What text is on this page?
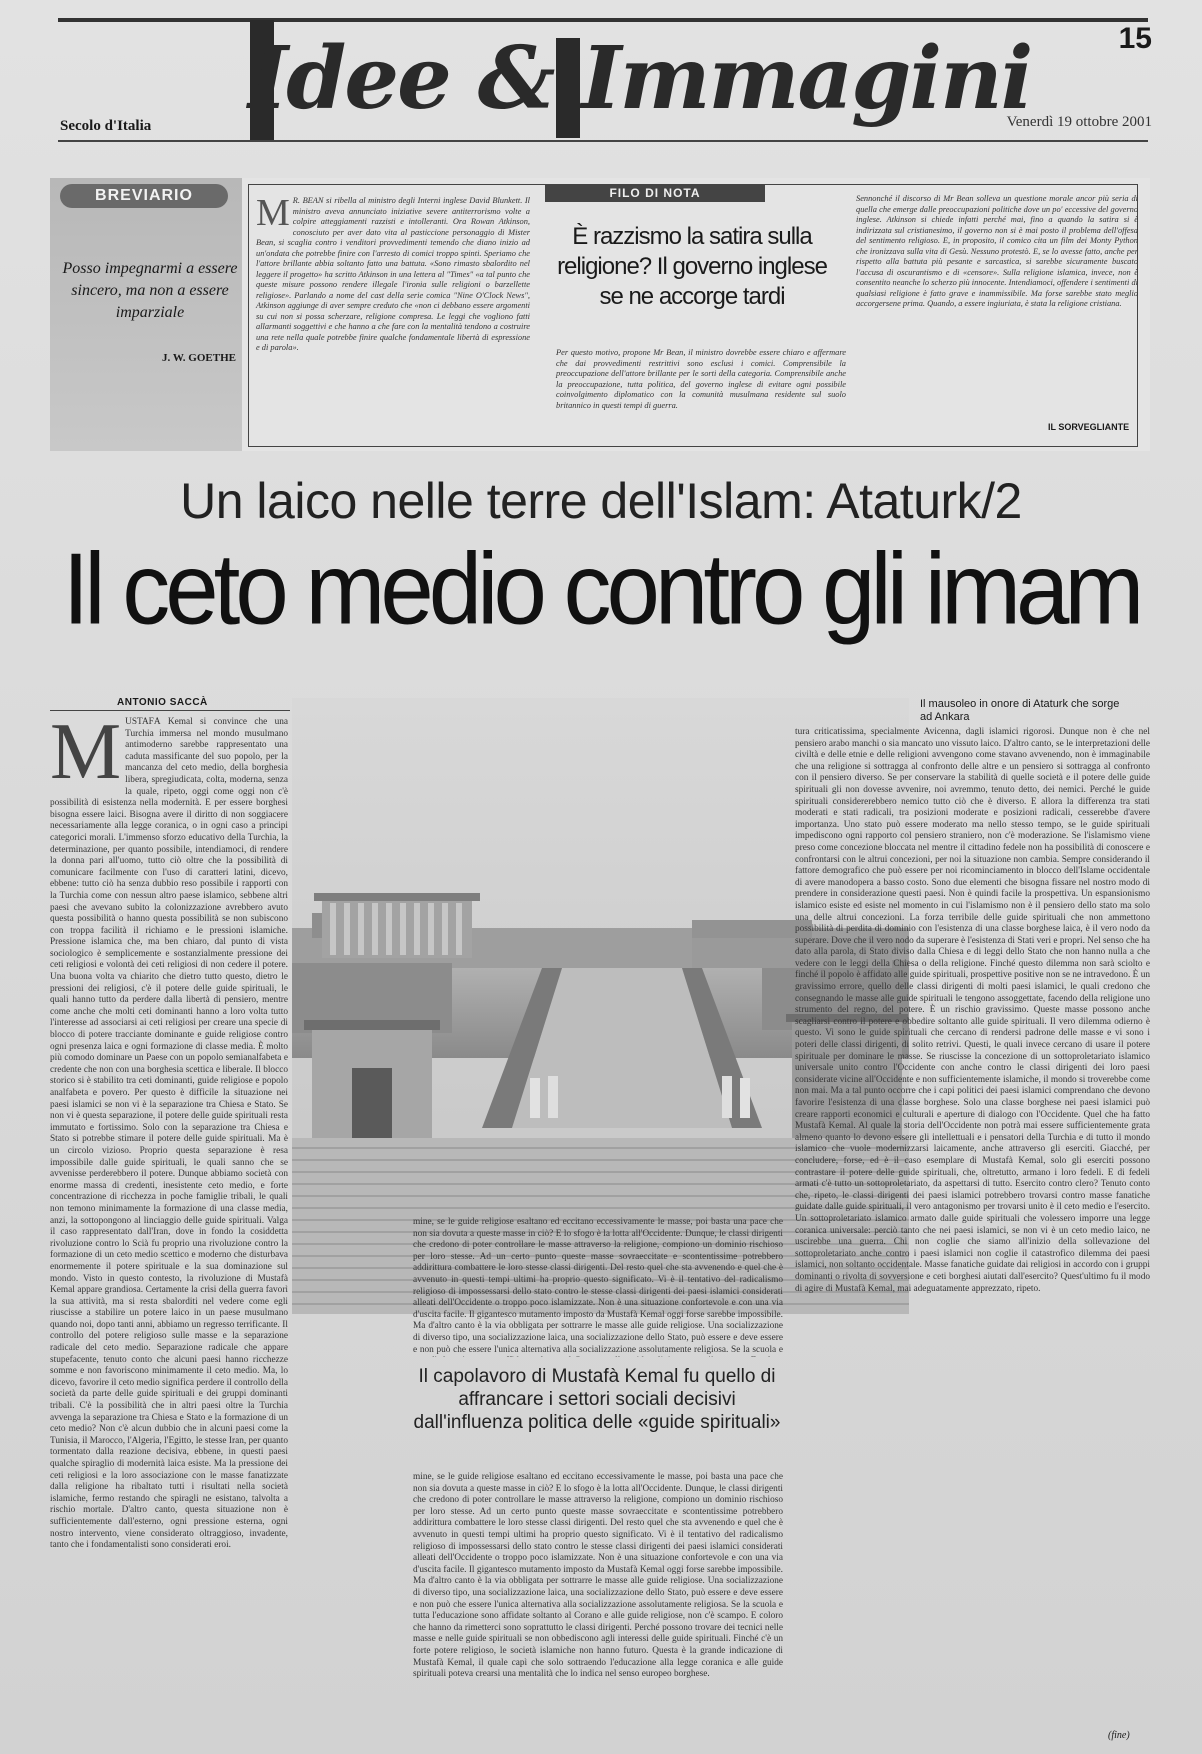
Idee & Immagini	15
Secolo d'Italia	Venerdì 19 ottobre 2001
BREVIARIO
Posso impegnarmi a essere sincero, ma non a essere imparziale
J. W. GOETHE
M R. BEAN si ribella al ministro degli Interni inglese David Blunkett. Il ministro aveva annunciato iniziative severe antiterrorismo volte a colpire atteggiamenti razzisti e intolleranti. Ora Rowan Atkinson, conosciuto per aver dato vita al pasticcione personaggio di Mister Bean, si scaglia contro i venditori provvedimenti temendo che diano inizio ad un'ondata che potrebbe finire con l'arresto di comici troppo spinti. Speriamo che l'attore brillante abbia soltanto fatto una battuta. «Sono rimasto sbalordito nel leggere il progetto» ha scritto Atkinson in una lettera al "Times" «a tal punto che queste misure possono rendere illegale l'ironia sulle religioni o barzellette religiose». Parlando a nome del cast della serie comica "Nine O'Clock News", Atkinson aggiunge di aver sempre creduto che «non ci debbano essere argomenti su cui non si possa scherzare, religione compresa. Le leggi che vogliono fatti allarmanti soggettivi e che hanno a che fare con la mentalità tendono a costruire una rete nella quale potrebbe finire qualche fondamentale libertà di espressione e di parola».
FILO DI NOTA
È razzismo la satira sulla religione? Il governo inglese se ne accorge tardi
Per questo motivo, propone Mr Bean, il ministro dovrebbe essere chiaro e affermare che dai provvedimenti restrittivi sono esclusi i comici. Comprensibile la preoccupazione dell'attore brillante per le sorti della categoria. Comprensibile anche la preoccupazione, tutta politica, del governo inglese di evitare ogni possibile coinvolgimento diplomatico con la comunità musulmana residente sul suolo britannico in questi tempi di guerra.
Sennonché il discorso di Mr Bean solleva un questione morale ancor più seria di quella che emerge dalle preoccupazioni politiche dove un po' eccessive del governo inglese. Atkinson si chiede infatti perché mai, fino a quando la satira si è indirizzata sul cristianesimo, il governo non si è mai posto il problema dell'offesa del sentimento religioso. E, in proposito, il comico cita un film dei Monty Python che ironizzava sulla vita di Gesù. Nessuno protestò. E, se lo avesse fatto, anche per rispetto alla battuta più pesante e sarcastica, si sarebbe sicuramente buscato l'accusa di oscurantismo e di «censore». Sulla religione islamica, invece, non è consentito neanche lo scherzo più innocente. Intendiamoci, offendere i sentimenti di qualsiasi religione è fatto grave e inammissibile. Ma forse sarebbe stato meglio accorgersene prima. Quando, a essere ingiuriata, è stata la religione cristiana.
IL SORVEGLIANTE
Un laico nelle terre dell'Islam: Ataturk/2
Il ceto medio contro gli imam
ANTONIO SACCÀ	Il mausoleo in onore di Ataturk che sorge ad Ankara
MUSTAFÀ Kemal si convince che una Turchia immersa nel mondo musulmano antimoderno sarebbe rappresentato una caduta massificante del suo popolo, per la mancanza del ceto medio, della borghesia libera, spregiudicata, colta, moderna, senza la quale, ripeto, oggi come oggi non c'è possibilità di esistenza nella modernità. E per essere borghesi bisogna essere laici. Bisogna avere il diritto di non soggiacere necessariamente alla legge coranica, o in ogni caso a principi categorici morali. L'immenso sforzo educativo della Turchia, la determinazione, per quanto possibile, intendiamoci, di rendere la donna pari all'uomo, tutto ciò oltre che la possibilità di comunicare facilmente con l'uso di caratteri latini, dicevo, ebbene: tutto ciò ha senza dubbio reso possibile i rapporti con la Turchia come con nessun altro paese islamico, sebbene altri paesi che avevano subito la colonizzazione avrebbero avuto questa possibilità o hanno questa possibilità se non subiscono con troppa facilità il richiamo e le pressioni islamiche. Pressione islamica che, ma ben chiaro, dal punto di vista sociologico è semplicemente e sostanzialmente pressione dei ceti religiosi e volontà dei ceti religiosi di non cedere il potere. Una buona volta va chiarito che dietro tutto questo, dietro le pressioni dei religiosi, c'è il potere delle guide spirituali, le quali hanno tutto da perdere dalla libertà di pensiero, mentre come anche che molti ceti dominanti hanno a loro volta tutto l'interesse ad associarsi ai ceti religiosi per creare una specie di blocco di potere tracciante dominante e guide religiose contro ogni presenza laica e ogni formazione di classe media. È molto più comodo dominare un Paese con un popolo semianalfabeta e credente che non con una borghesia scettica e liberale. Il blocco storico si è stabilito tra ceti dominanti, guide religiose e popolo analfabeta e povero. Per questo è difficile la situazione nei paesi islamici se non vi è la separazione tra Chiesa e Stato. Se non vi è questa separazione, il potere delle guide spirituali resta immutato e fortissimo. Solo con la separazione tra Chiesa e Stato si potrebbe stimare il potere delle guide spirituali. Ma è un circolo vizioso. Proprio questa separazione è resa impossibile dalle guide spirituali, le quali sanno che se avvenisse perderebbero il potere. Dunque abbiamo società con enorme massa di credenti, inesistente ceto medio, e forte concentrazione di ricchezza in poche famiglie tribali, le quali non temono minimamente la formazione di una classe media, anzi, la sottopongono al linciaggio delle guide spirituali. Valga il caso rappresentato dall'Iran, dove in fondo la cosiddetta rivoluzione contro lo Scià fu proprio una rivoluzione contro la formazione di un ceto medio scettico e moderno che disturbava enormemente il potere spirituale e la sua dominazione sul mondo. Visto in questo contesto, la rivoluzione di Mustafà Kemal appare grandiosa. Certamente la crisi della guerra favorì la sua attività, ma si resta sbalorditi nel vedere come egli riuscisse a stabilire un potere laico in un paese musulmano quando noi, dopo tanti anni, abbiamo un regresso terrificante. Il controllo del potere religioso sulle masse e la separazione radicale del ceto medio. Separazione radicale che appare stupefacente, tenuto conto che alcuni paesi hanno ricchezze somme e non favoriscono minimamente il ceto medio. Ma, lo dicevo, favorire il ceto medio significa perdere il controllo della società da parte delle guide spirituali e dei gruppi dominanti tribali. C'è la possibilità che in altri paesi oltre la Turchia avvenga la separazione tra Chiesa e Stato e la formazione di un ceto medio? Non c'è alcun dubbio che in alcuni paesi come la Tunisia, il Marocco, l'Algeria, l'Egitto, le stesse Iran, per quanto tormentato dalla reazione decisiva, ebbene, in questi paesi qualche spiraglio di modernità laica esiste. Ma la pressione dei ceti religiosi e la loro associazione con le masse fanatizzate dalla religione ha ribaltato tutti i risultati nella società islamiche, fermo restando che spiragli ne esistano, talvolta a rischio mortale. D'altro canto, questa situazione non è sufficientemente dall'esterno, ogni pressione esterna, ogni nostro intervento, viene considerato oltraggioso, invadente, tanto che i fondamentalisti sono considerati eroi.
mine, se le guide religiose esaltano ed eccitano eccessivamente le masse, poi basta una pace che non sia dovuta a queste masse in ciò? E lo sfogo è la lotta all'Occidente. Dunque, le classi dirigenti che credono di poter controllare le masse attraverso la religione, compiono un dominio rischioso per loro stesse. Ad un certo punto queste masse sovraeccitate e scontentissime potrebbero addirittura combattere le loro stesse classi dirigenti. Del resto quel che sta avvenendo e quel che è avvenuto in questi tempi ultimi ha proprio questo significato. Vi è il tentativo del radicalismo religioso di impossessarsi dello stato contro le stesse classi dirigenti dei paesi islamici considerati alleati dell'Occidente o troppo poco islamizzate. Non è una situazione confortevole e con una via d'uscita facile. Il gigantesco mutamento imposto da Mustafà Kemal oggi forse sarebbe impossibile. Ma d'altro canto è la via obbligata per sottrarre le masse alle guide religiose. Una socializzazione di diverso tipo, una socializzazione laica, una socializzazione dello Stato, può essere e deve essere e non può che essere l'unica alternativa alla socializzazione assolutamente religiosa. Se la scuola e
Il capolavoro di Mustafà Kemal fu quello di affrancare i settori sociali decisivi dall'influenza politica delle «guide spirituali»
mine, se le guide religiose esaltano ed eccitano eccessivamente le masse, poi basta una pace che non sia dovuta a queste masse in ciò? E lo sfogo è la lotta all'Occidente. Dunque, le classi dirigenti che credono di poter controllare le masse attraverso la religione, compiono un dominio rischioso per loro stesse. Ad un certo punto queste masse sovraeccitate e scontentissime potrebbero addirittura combattere le loro stesse classi dirigenti. Del resto quel che sta avvenendo e quel che è avvenuto in questi tempi ultimi ha proprio questo significato. Vi è il tentativo del radicalismo religioso di impossessarsi dello stato contro le stesse classi dirigenti dei paesi islamici considerati alleati dell'Occidente o troppo poco islamizzate. Non è una situazione confortevole e con una via d'uscita facile. Il gigantesco mutamento imposto da Mustafà Kemal oggi forse sarebbe impossibile. Ma d'altro canto è la via obbligata per sottrarre le masse alle guide religiose. Una socializzazione di diverso tipo, una socializzazione laica, una socializzazione dello Stato, può essere e deve essere e non può che essere l'unica alternativa alla socializzazione assolutamente religiosa. Se la scuola e tutta l'educazione sono affidate soltanto al Corano e alle guide religiose, non c'è scampo. E coloro che hanno da rimetterci sono soprattutto le classi dirigenti. Perché possono trovare dei tecnici nelle masse e nelle guide spirituali se non obbediscono agli interessi delle guide spirituali. Finché c'è un forte potere religioso, le società islamiche non hanno futuro. Questa è la grande indicazione di Mustafà Kemal, il quale capì che solo sottraendo l'educazione alla legge coranica e alle guide spirituali poteva crearsi una mentalità che lo indica nel senso europeo borghese.
tura criticatissima, specialmente Avicenna, dagli islamici rigorosi. Dunque non è che nel pensiero arabo manchi o sia mancato uno vissuto laico. D'altro canto, se le interpretazioni delle civiltà e delle etnie e delle religioni avvengono come stavano avvenendo, non è immaginabile che una religione si sottragga al confronto delle altre e un pensiero si sottragga al confronto con il pensiero diverso. Se per conservare la stabilità di quelle società e il potere delle guide spirituali gli non dovesse avvenire, noi avremmo, tenuto detto, dei nemici. Perché le guide spirituali considererebbero nemico tutto ciò che è diverso. E allora la differenza tra stati moderati e stati radicali, tra posizioni moderate e posizioni radicali, cesserebbe d'avere importanza. Uno stato può essere moderato ma nello stesso tempo, se le guide spirituali impediscono ogni rapporto col pensiero straniero, non c'è moderazione. Se l'islamismo viene preso come concezione bloccata nel mentre il cittadino fedele non ha possibilità di conoscere e confrontarsi con le altrui concezioni, per noi la situazione non cambia. Sempre considerando il fattore demografico che può essere per noi ricominciamento in blocco dell'Islame occidentale di avere manodopera a basso costo. Sono due elementi che bisogna fissare nel nostro modo di prendere in considerazione questi paesi. Non è quindi facile la prospettiva. Un espansionismo islamico esiste ed esiste nel momento in cui l'islamismo non è il pensiero dello stato ma solo una delle altrui concezioni. La forza terribile delle guide spirituali che non ammettono possibilità di perdita di dominio con l'esistenza di una classe borghese laica, è il vero nodo da superare. Dove che il vero nodo da superare è l'esistenza di Stati veri e propri. Nel senso che ha dato alla parola, di Stato diviso dalla Chiesa e di leggi dello Stato che non hanno nulla a che vedere con le leggi della Chiesa o della religione. Finché questo dilemma non sarà sciolto e finché il popolo è affidato alle guide spirituali, prospettive positive non se ne intravedono. È un gravissimo errore, quello delle classi dirigenti di molti paesi islamici, le quali credono che consegnando le masse alle guide spirituali le tengono assoggettate, facendo della religione uno strumento del regno, del potere. È un rischio gravissimo. Queste masse possono anche scagliarsi contro il potere e obbedire soltanto alle guide spirituali. Il vero dilemma odierno è questo. Vi sono le guide spirituali che cercano di rendersi padrone delle masse e vi sono i poteri delle classi dirigenti, di solito retrivi. Questi, le quali invece cercano di usare il potere spirituale per dominare le masse. Se riuscisse la concezione di un sottoproletariato islamico universale unito contro l'Occidente con anche contro le classi dirigenti dei loro paesi considerate vicine all'Occidente e non sufficientemente islamiche, il mondo si troverebbe come non mai. Ma a tal punto occorre che i capi politici dei paesi islamici comprendano che devono favorire l'esistenza di una classe borghese. Solo una classe borghese nei paesi islamici può creare rapporti economici e culturali e aperture di dialogo con l'Occidente. Quel che ha fatto Mustafà Kemal. Al quale la storia dell'Occidente non potrà mai essere sufficientemente grata almeno quanto lo devono essere gli intellettuali e i pensatori della Turchia e di tutto il mondo islamico che vuole modernizzarsi laicamente, anche attraverso gli eserciti. Giacché, per concludere, forse, ed è il caso esemplare di Mustafà Kemal, solo gli eserciti possono contrastare il potere delle guide spirituali, che, oltretutto, armano i loro fedeli. E di fedeli armati c'è tutto un sottoproletariato, da aspettarsi di tutto. Esercito contro clero? Tenuto conto che, ripeto, le classi dirigenti dei paesi islamici potrebbero trovarsi contro masse fanatiche guidate dalle guide spirituali, il vero antagonismo per trovarsi unito è il ceto medio e l'esercito. Un sottoproletariato islamico armato dalle guide spirituali che volessero imporre una legge coranica universale: perciò tanto che nei paesi islamici, se non vi è un ceto medio laico, ne uscirebbe una guerra. Chi non coglie che siamo all'inizio della sollevazione del sottoproletariato anche contro i paesi islamici non coglie il catastrofico dilemma dei paesi islamici, non soltanto occidentale. Masse fanatiche guidate dai religiosi in accordo con i gruppi dominanti o rivolta di sovversione e ceti borghesi aiutati dall'esercito? Quest'ultimo fu il modo di agire di Mustafà Kemal, mai adeguatamente apprezzato, ripeto.
(fine)
